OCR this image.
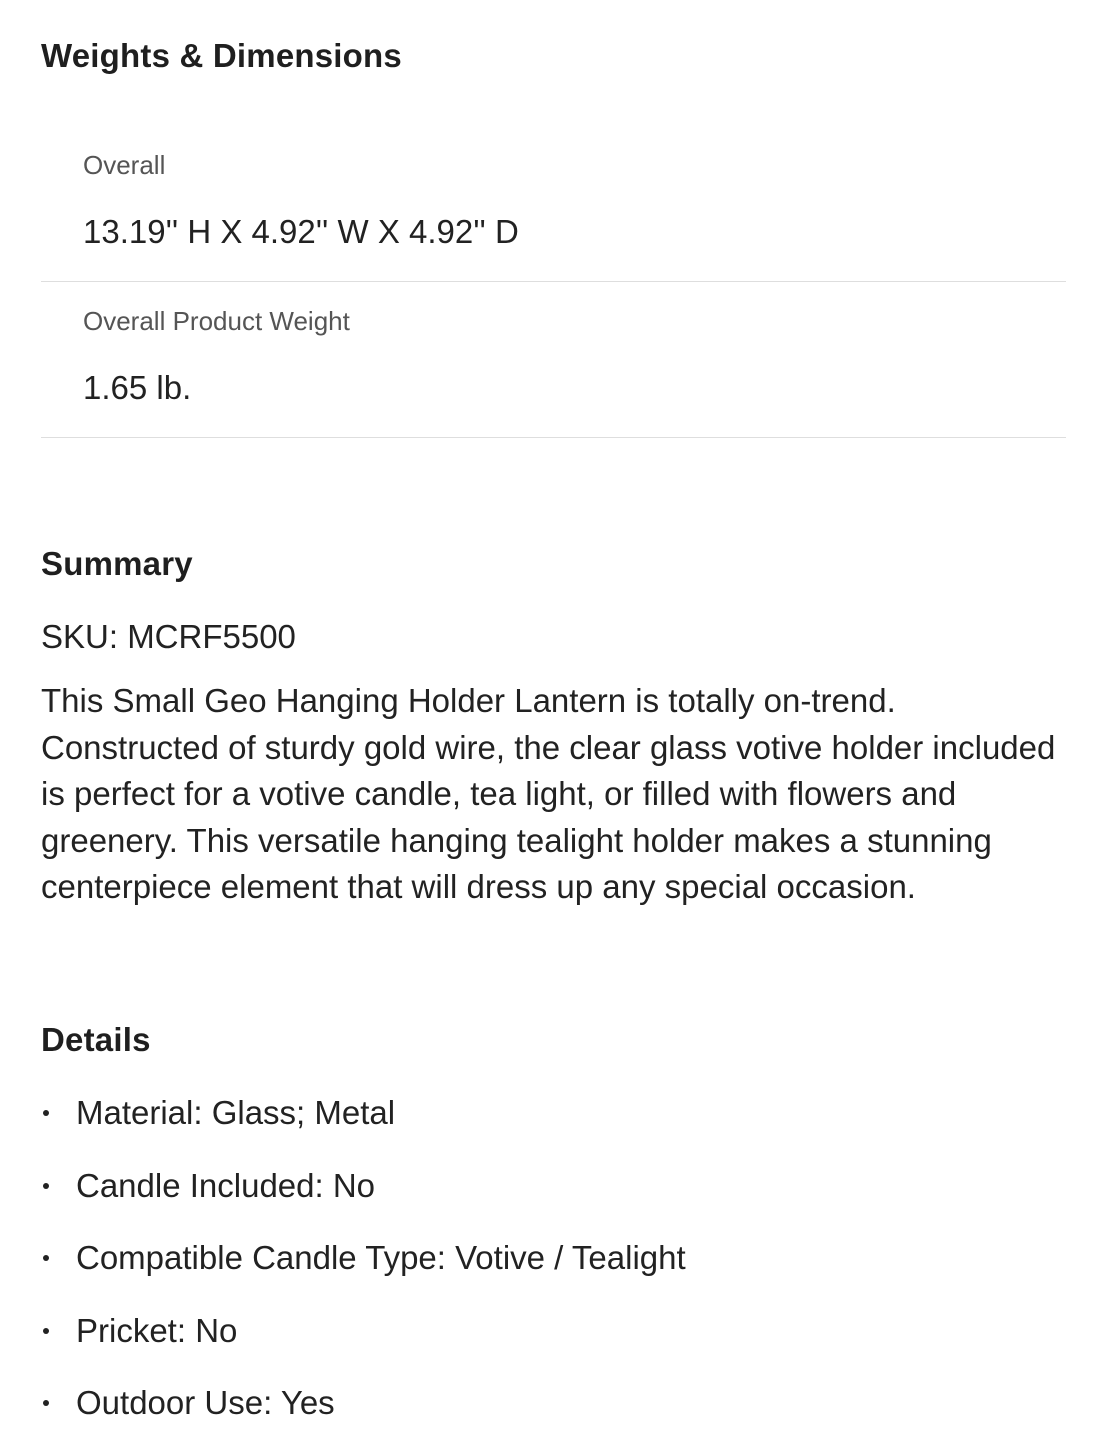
Weights & Dimensions
Overall
13.19'' H X 4.92'' W X 4.92'' D
Overall Product Weight
1.65 lb.
Summary
SKU: MCRF5500

This Small Geo Hanging Holder Lantern is totally on-trend. Constructed of sturdy gold wire, the clear glass votive holder included is perfect for a votive candle, tea light, or filled with flowers and greenery. This versatile hanging tealight holder makes a stunning centerpiece element that will dress up any special occasion.

Details
Material: Glass; Metal
Candle Included: No
Compatible Candle Type: Votive / Tealight
Pricket: No
Outdoor Use: Yes
